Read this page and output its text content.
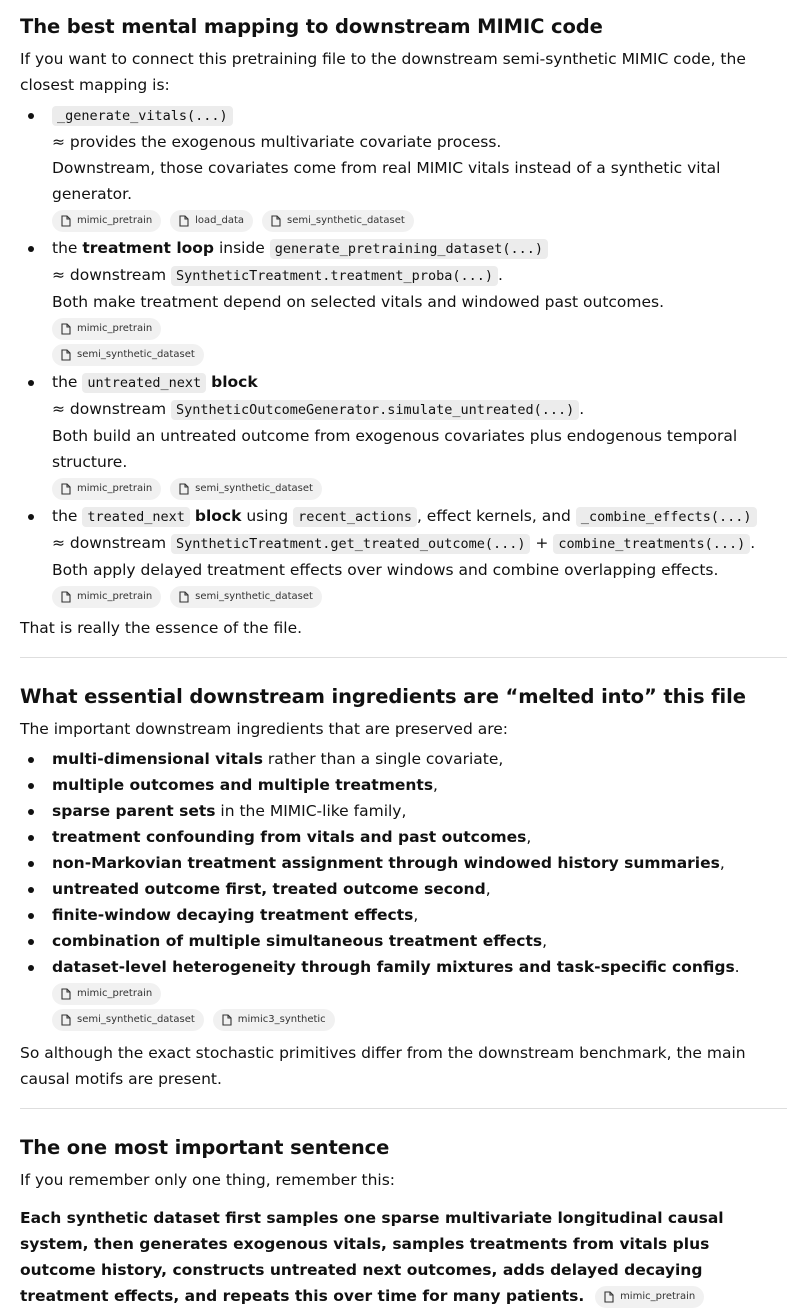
The best mental mapping to downstream MIMIC code

If you want to connect this pretraining file to the downstream semi-synthetic MIMIC code, the closest mapping is:

_generate_vitals(...)
≈ provides the exogenous multivariate covariate process.
Downstream, those covariates come from real MIMIC vitals instead of a synthetic vital generator.
mimic_pretrain
	load_data
	semi_synthetic_dataset
the treatment loop inside generate_pretraining_dataset(...)
≈ downstream SyntheticTreatment.treatment_proba(...) .
Both make treatment depend on selected vitals and windowed past outcomes.
mimic_pretrain
semi_synthetic_dataset
the untreated_next block
≈ downstream SyntheticOutcomeGenerator.simulate_untreated(...) .
Both build an untreated outcome from exogenous covariates plus endogenous temporal structure.
mimic_pretrain
	semi_synthetic_dataset
the treated_next block using recent_actions , effect kernels, and _combine_effects(...)
≈ downstream SyntheticTreatment.get_treated_outcome(...) + combine_treatments(...) .
Both apply delayed treatment effects over windows and combine overlapping effects.
mimic_pretrain
	semi_synthetic_dataset

That is really the essence of the file.

What essential downstream ingredients are “melted into” this file

The important downstream ingredients that are preserved are:

multi-dimensional vitals rather than a single covariate,
multiple outcomes and multiple treatments,
sparse parent sets in the MIMIC-like family,
treatment confounding from vitals and past outcomes,
non-Markovian treatment assignment through windowed history summaries,
untreated outcome first, treated outcome second,
finite-window decaying treatment effects,
combination of multiple simultaneous treatment effects,
dataset-level heterogeneity through family mixtures and task-specific configs.
mimic_pretrain
semi_synthetic_dataset
	mimic3_synthetic

So although the exact stochastic primitives differ from the downstream benchmark, the main causal motifs are present.

The one most important sentence

If you remember only one thing, remember this:

Each synthetic dataset first samples one sparse multivariate longitudinal causal system, then generates exogenous vitals, samples treatments from vitals plus outcome history, constructs untreated next outcomes, adds delayed decaying treatment effects, and repeats this over time for many patients.	mimic_pretrain
